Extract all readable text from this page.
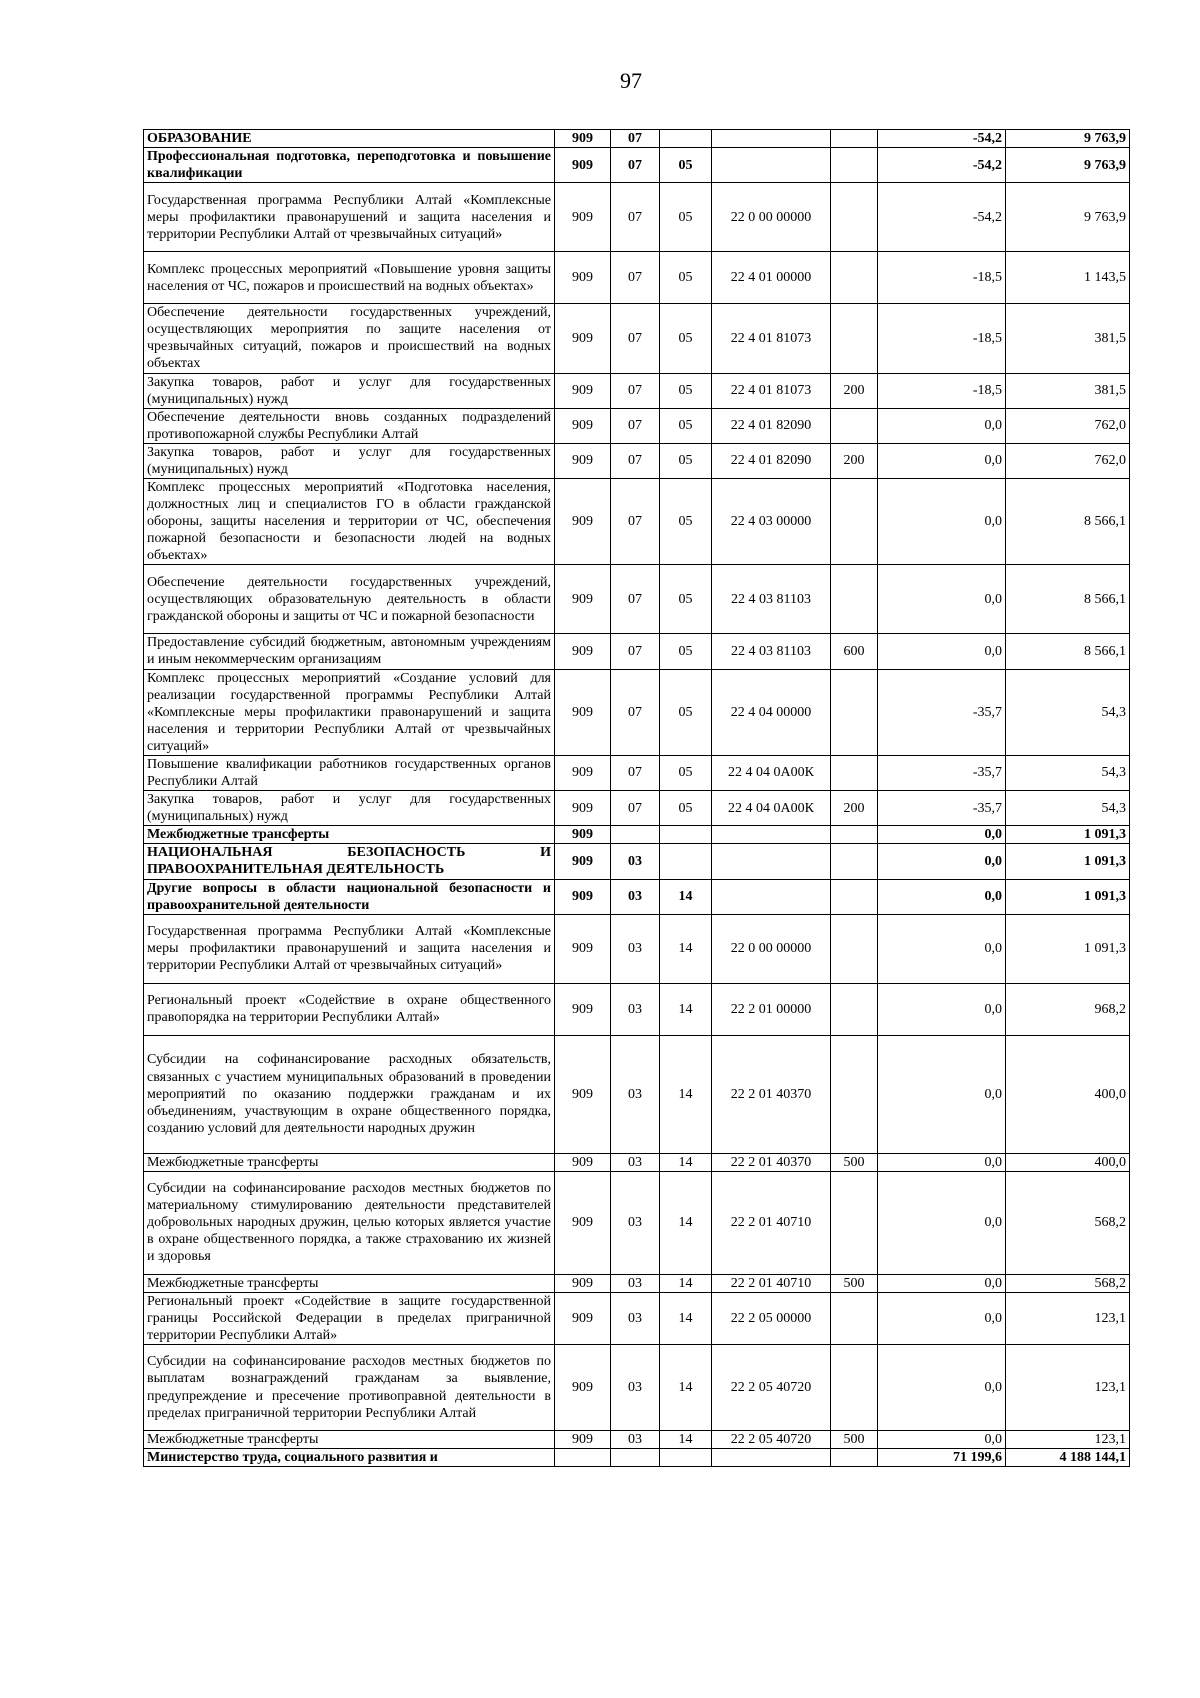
97
ОБРАЗОВАНИЕ	909	07				-54,2	9 763,9
Профессиональная подготовка, переподготовка и повышение квалификации	909	07	05			-54,2	9 763,9
Государственная программа Республики Алтай «Комплексные меры профилактики правонарушений и защита населения и территории Республики Алтай от чрезвычайных ситуаций»	909	07	05	22 0 00 00000		-54,2	9 763,9
Комплекс процессных мероприятий «Повышение уровня защиты населения от ЧС, пожаров и происшествий на водных объектах»	909	07	05	22 4 01 00000		-18,5	1 143,5
Обеспечение деятельности государственных учреждений, осуществляющих мероприятия по защите населения от чрезвычайных ситуаций, пожаров и происшествий на водных объектах	909	07	05	22 4 01 81073		-18,5	381,5
Закупка товаров, работ и услуг для государственных (муниципальных) нужд	909	07	05	22 4 01 81073	200	-18,5	381,5
Обеспечение деятельности вновь созданных подразделений противопожарной службы Республики Алтай	909	07	05	22 4 01 82090		0,0	762,0
Закупка товаров, работ и услуг для государственных (муниципальных) нужд	909	07	05	22 4 01 82090	200	0,0	762,0
Комплекс процессных мероприятий «Подготовка населения, должностных лиц и специалистов ГО в области гражданской обороны, защиты населения и территории от ЧС, обеспечения пожарной безопасности и безопасности людей на водных объектах»	909	07	05	22 4 03 00000		0,0	8 566,1
Обеспечение деятельности государственных учреждений, осуществляющих образовательную деятельность в области гражданской обороны и защиты от ЧС и пожарной безопасности	909	07	05	22 4 03 81103		0,0	8 566,1
Предоставление субсидий бюджетным, автономным учреждениям и иным некоммерческим организациям	909	07	05	22 4 03 81103	600	0,0	8 566,1
Комплекс процессных мероприятий «Создание условий для реализации государственной программы Республики Алтай «Комплексные меры профилактики правонарушений и защита населения и территории Республики Алтай от чрезвычайных ситуаций»	909	07	05	22 4 04 00000		-35,7	54,3
Повышение квалификации работников государственных органов Республики Алтай	909	07	05	22 4 04 0А00К		-35,7	54,3
Закупка товаров, работ и услуг для государственных (муниципальных) нужд	909	07	05	22 4 04 0А00К	200	-35,7	54,3
Межбюджетные трансферты	909					0,0	1 091,3
НАЦИОНАЛЬНАЯ БЕЗОПАСНОСТЬ И ПРАВООХРАНИТЕЛЬНАЯ ДЕЯТЕЛЬНОСТЬ	909	03				0,0	1 091,3
Другие вопросы в области национальной безопасности и правоохранительной деятельности	909	03	14			0,0	1 091,3
Государственная программа Республики Алтай «Комплексные меры профилактики правонарушений и защита населения и территории Республики Алтай от чрезвычайных ситуаций»	909	03	14	22 0 00 00000		0,0	1 091,3
Региональный проект «Содействие в охране общественного правопорядка на территории Республики Алтай»	909	03	14	22 2 01 00000		0,0	968,2
Субсидии на софинансирование расходных обязательств, связанных с участием муниципальных образований в проведении мероприятий по оказанию поддержки гражданам и их объединениям, участвующим в охране общественного порядка, созданию условий для деятельности народных дружин	909	03	14	22 2 01 40370		0,0	400,0
Межбюджетные трансферты	909	03	14	22 2 01 40370	500	0,0	400,0
Субсидии на софинансирование расходов местных бюджетов по материальному стимулированию деятельности представителей добровольных народных дружин, целью которых является участие в охране общественного порядка, а также страхованию их жизней и здоровья	909	03	14	22 2 01 40710		0,0	568,2
Межбюджетные трансферты	909	03	14	22 2 01 40710	500	0,0	568,2
Региональный проект «Содействие в защите государственной границы Российской Федерации в пределах приграничной территории Республики Алтай»	909	03	14	22 2 05 00000		0,0	123,1
Субсидии на софинансирование расходов местных бюджетов по выплатам вознаграждений гражданам за выявление, предупреждение и пресечение противоправной деятельности в пределах приграничной территории Республики Алтай	909	03	14	22 2 05 40720		0,0	123,1
Межбюджетные трансферты	909	03	14	22 2 05 40720	500	0,0	123,1
Министерство труда, социального развития и						71 199,6	4 188 144,1
